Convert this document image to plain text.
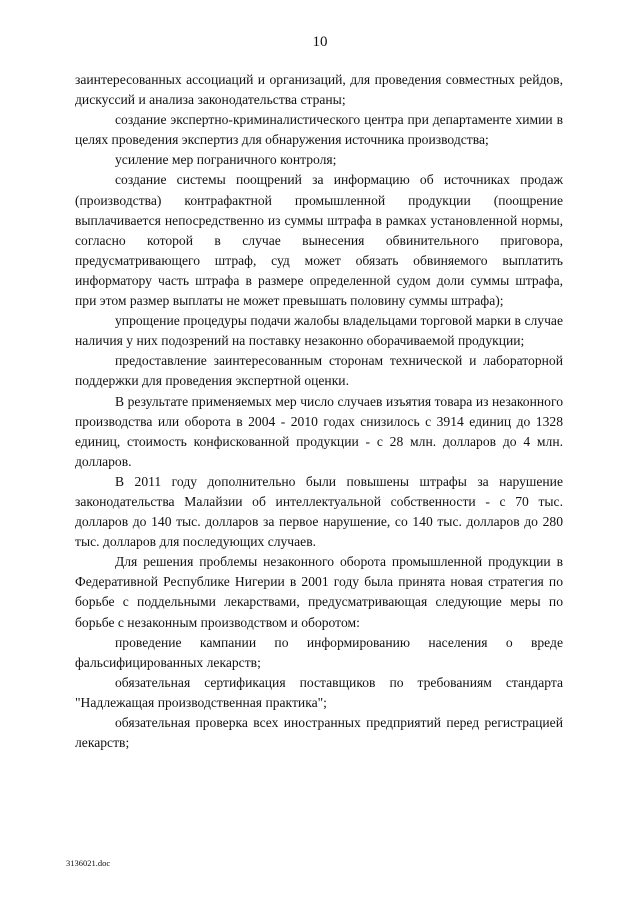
10

заинтересованных ассоциаций и организаций, для проведения совместных рейдов, дискуссий и анализа законодательства страны;

создание экспертно-криминалистического центра при департаменте химии в целях проведения экспертиз для обнаружения источника производства;

усиление мер пограничного контроля;

создание системы поощрений за информацию об источниках продаж (производства) контрафактной промышленной продукции (поощрение выплачивается непосредственно из суммы штрафа в рамках установленной нормы, согласно которой в случае вынесения обвинительного приговора, предусматривающего штраф, суд может обязать обвиняемого выплатить информатору часть штрафа в размере определенной судом доли суммы штрафа, при этом размер выплаты не может превышать половину суммы штрафа);

упрощение процедуры подачи жалобы владельцами торговой марки в случае наличия у них подозрений на поставку незаконно оборачиваемой продукции;

предоставление заинтересованным сторонам технической и лабораторной поддержки для проведения экспертной оценки.

В результате применяемых мер число случаев изъятия товара из незаконного производства или оборота в 2004 - 2010 годах снизилось с 3914 единиц до 1328 единиц, стоимость конфискованной продукции - с 28 млн. долларов до 4 млн. долларов.

В 2011 году дополнительно были повышены штрафы за нарушение законодательства Малайзии об интеллектуальной собственности - с 70 тыс. долларов до 140 тыс. долларов за первое нарушение, со 140 тыс. долларов до 280 тыс. долларов для последующих случаев.

Для решения проблемы незаконного оборота промышленной продукции в Федеративной Республике Нигерии в 2001 году была принята новая стратегия по борьбе с поддельными лекарствами, предусматривающая следующие меры по борьбе с незаконным производством и оборотом:

проведение кампании по информированию населения о вреде фальсифицированных лекарств;

обязательная сертификация поставщиков по требованиям стандарта "Надлежащая производственная практика";

обязательная проверка всех иностранных предприятий перед регистрацией лекарств;

3136021.doc
